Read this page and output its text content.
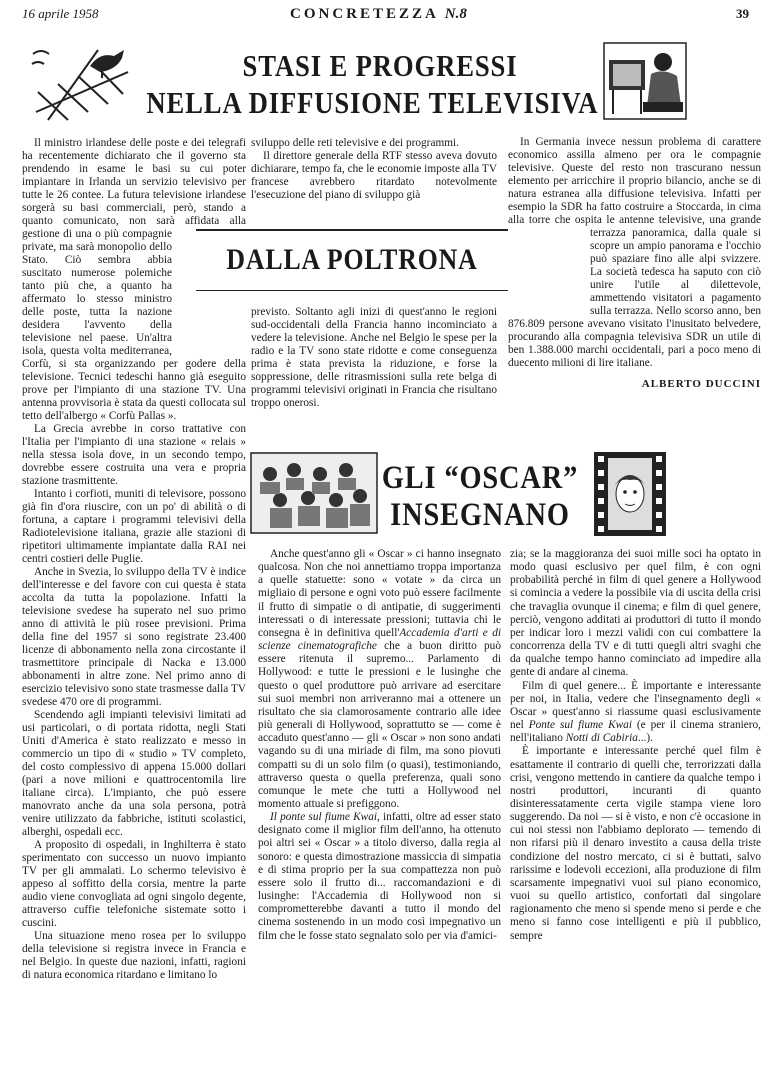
16 aprile 1958	CONCRETEZZA N.8	39
STASI E PROGRESSI
NELLA DIFFUSIONE TELEVISIVA

Il ministro irlandese delle poste e dei telegrafi ha recentemente dichiarato che il governo sta prendendo in esame le basi su cui poter impiantare in Irlanda un servizio televisivo per tutte le 26 contee. La futura televisione irlandese sorgerà su basi commerciali, però, stando a quanto comunicato, non sarà affidata alla gestione di una o più compagnie private, ma sarà monopolio dello Stato. Ciò sembra abbia suscitato numerose polemiche tanto più che, a quanto ha affermato lo stesso ministro delle poste, tutta la nazione desidera l'avvento della televisione nel paese. Un'altra isola, questa volta mediterranea, Corfù, si sta organizzando per godere della televisione. Tecnici tedeschi hanno già eseguito prove per l'impianto di una stazione TV. Una antenna provvisoria è stata da questi collocata sul tetto dell'albergo « Corfù Pallas ».

La Grecia avrebbe in corso trattative con l'Italia per l'impianto di una stazione « relais » nella stessa isola dove, in un secondo tempo, dovrebbe essere costruita una vera e propria stazione trasmittente.

Intanto i corfioti, muniti di televisore, possono già fin d'ora riuscire, con un po' di abilità o di fortuna, a captare i programmi televisivi della Radiotelevisione italiana, grazie alle stazioni di ripetitori ultimamente impiantate dalla RAI nei centri costieri delle Puglie.

Anche in Svezia, lo sviluppo della TV è indice dell'interesse e del favore con cui questa è stata accolta da tutta la popolazione. Infatti la televisione svedese ha superato nel suo primo anno di attività le più rosee previsioni. Prima della fine del 1957 si sono registrate 23.400 licenze di abbonamento nella zona circostante il trasmettitore principale di Nacka e 13.000 abbonamenti in altre zone. Nel primo anno di esercizio televisivo sono state trasmesse dalla TV svedese 470 ore di programmi.

Scendendo agli impianti televisivi limitati ad usi particolari, o di portata ridotta, negli Stati Uniti d'America è stato realizzato e messo in commercio un tipo di « studio » TV completo, del costo complessivo di appena 15.000 dollari (pari a nove milioni e quattrocentomila lire italiane circa). L'impianto, che può essere manovrato anche da una sola persona, potrà venire utilizzato da fabbriche, istituti scolastici, alberghi, ospedali ecc.

A proposito di ospedali, in Inghilterra è stato sperimentato con successo un nuovo impianto TV per gli ammalati. Lo schermo televisivo è appeso al soffitto della corsia, mentre la parte audio viene convogliata ad ogni singolo degente, attraverso cuffie telefoniche sistemate sotto i cuscini.

Una situazione meno rosea per lo sviluppo della televisione si registra invece in Francia e nel Belgio. In queste due nazioni, infatti, ragioni di natura economica ritardano e limitano lo

sviluppo delle reti televisive e dei programmi.

Il direttore generale della RTF stesso aveva dovuto dichiarare, tempo fa, che le economie imposte alla TV francese avrebbero ritardato notevolmente l'esecuzione del piano di sviluppo già

DALLA POLTRONA

previsto. Soltanto agli inizi di quest'anno le regioni sud-occidentali della Francia hanno incominciato a vedere la televisione. Anche nel Belgio le spese per la radio e la TV sono state ridotte e come conseguenza prima è stata prevista la riduzione, e forse la soppressione, delle ritrasmissioni sulla rete belga di programmi televisivi originati in Francia che risultano troppo onerosi.

In Germania invece nessun problema di carattere economico assilla almeno per ora le compagnie televisive. Queste del resto non trascurano nessun elemento per arricchire il proprio bilancio, anche se di natura estranea alla diffusione televisiva. Infatti per esempio la SDR ha fatto costruire a Stoccarda, in cima alla torre che ospita le antenne televisive, una grande terrazza panoramica, dalla quale si scopre un ampio panorama e l'occhio può spaziare fino alle alpi svizzere. La società tedesca ha saputo con ciò unire l'utile al dilettevole, ammettendo visitatori a pagamento sulla terrazza. Nello scorso anno, ben 876.809 persone avevano visitato l'inusitato belvedere, procurando alla compagnia televisiva SDR un utile di ben 1.388.000 marchi occidentali, pari a poco meno di duecento milioni di lire italiane.

ALBERTO DUCCINI
GLI “OSCAR”
INSEGNANO

Anche quest'anno gli « Oscar » ci hanno insegnato qualcosa. Non che noi annettiamo troppa importanza a quelle statuette: sono « votate » da circa un migliaio di persone e ogni voto può essere facilmente il frutto di simpatie o di antipatie, di suggerimenti interessati o di interessate pressioni; tuttavia chi le consegna è in definitiva quell'Accademia d'arti e di scienze cinematografiche che a buon diritto può essere ritenuta il supremo... Parlamento di Hollywood: e tutte le pressioni e le lusinghe che questo o quel produttore può arrivare ad esercitare sui suoi membri non arriveranno mai a ottenere un risultato che sia clamorosamente contrario alle idee più generali di Hollywood, soprattutto se — come è accaduto quest'anno — gli « Oscar » non sono andati vagando su di una miriade di film, ma sono piovuti compatti su di un solo film (o quasi), testimoniando, attraverso questa o quella preferenza, quali sono comunque le mete che tutti a Hollywood nel momento attuale si prefiggono.

Il ponte sul fiume Kwai, infatti, oltre ad esser stato designato come il miglior film dell'anno, ha ottenuto poi altri sei « Oscar » a titolo diverso, dalla regia al sonoro: e questa dimostrazione massiccia di simpatia e di stima proprio per la sua compattezza non può essere solo il frutto di... raccomandazioni e di lusinghe: l'Accademia di Hollywood non si comprometterebbe davanti a tutto il mondo del cinema sostenendo in un modo così impegnativo un film che le fosse stato segnalato solo per via d'amici-

zia; se la maggioranza dei suoi mille soci ha optato in modo quasi esclusivo per quel film, è con ogni probabilità perché in film di quel genere a Hollywood si comincia a vedere la possibile via di uscita della crisi che travaglia ovunque il cinema; e film di quel genere, perciò, vengono additati ai produttori di tutto il mondo per indicar loro i mezzi validi con cui combattere la concorrenza della TV e di tutti quegli altri svaghi che da qualche tempo hanno cominciato ad impedire alla gente di andare al cinema.

Film di quel genere... È importante e interessante per noi, in Italia, vedere che l'insegnamento degli « Oscar » quest'anno si riassume quasi esclusivamente nel Ponte sul fiume Kwai (e per il cinema straniero, nell'italiano Notti di Cabiria...).

È importante e interessante perché quel film è esattamente il contrario di quelli che, terrorizzati dalla crisi, vengono mettendo in cantiere da qualche tempo i nostri produttori, incuranti di quanto disinteressatamente certa vigile stampa viene loro suggerendo. Da noi — si è visto, e non c'è occasione in cui noi stessi non l'abbiamo deplorato — temendo di non rifarsi più il denaro investito a causa della triste condizione del nostro mercato, ci si è buttati, salvo rarissime e lodevoli eccezioni, alla produzione di film scarsamente impegnativi vuoi sul piano economico, vuoi su quello artistico, confortati dal singolare ragionamento che meno si spende meno si perde e che meno si fanno cose intelligenti e più il pubblico, sempre
